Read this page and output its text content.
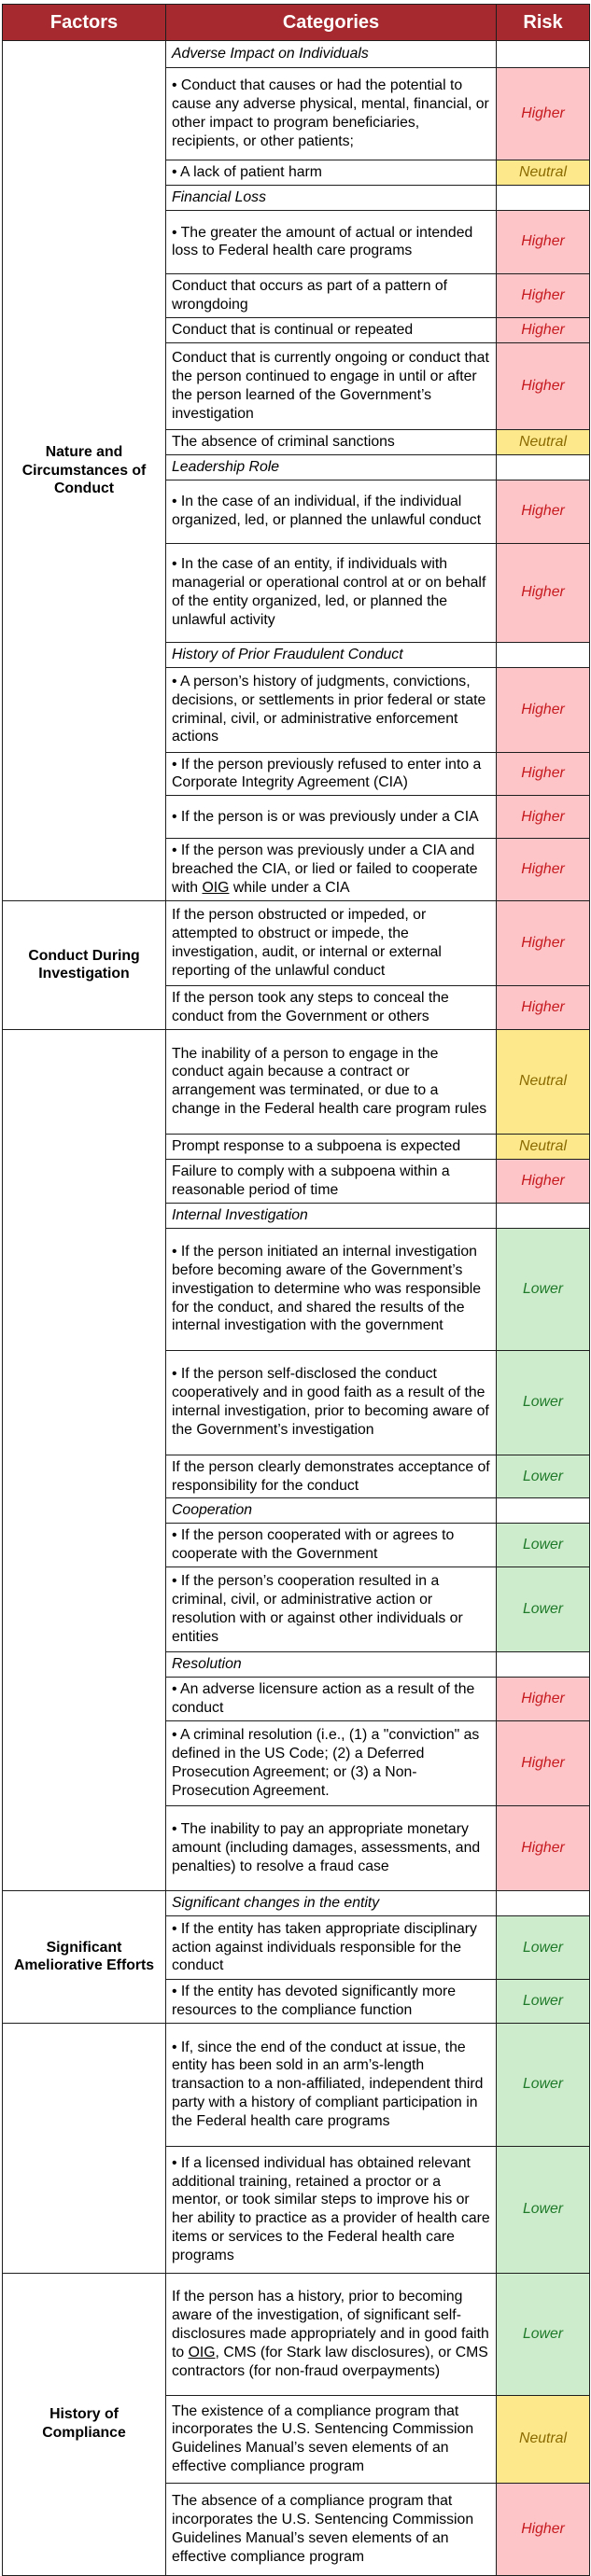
Factors	Categories	Risk
Nature and Circumstances of Conduct	Adverse Impact on Individuals	
	• Conduct that causes or had the potential to cause any adverse physical, mental, financial, or other impact to program beneficiaries, recipients, or other patients;	Higher
	• A lack of patient harm	Neutral
	Financial Loss	
	• The greater the amount of actual or intended loss to Federal health care programs	Higher
	Conduct that occurs as part of a pattern of wrongdoing	Higher
	Conduct that is continual or repeated	Higher
	Conduct that is currently ongoing or conduct that the person continued to engage in until or after the person learned of the Government’s investigation	Higher
	The absence of criminal sanctions	Neutral
	Leadership Role	
	• In the case of an individual, if the individual organized, led, or planned the unlawful conduct	Higher
	• In the case of an entity, if individuals with managerial or operational control at or on behalf of the entity organized, led, or planned the unlawful activity	Higher
	History of Prior Fraudulent Conduct	
	• A person’s history of judgments, convictions, decisions, or settlements in prior federal or state criminal, civil, or administrative enforcement actions	Higher
	• If the person previously refused to enter into a Corporate Integrity Agreement (CIA)	Higher
	• If the person is or was previously under a CIA	Higher
	• If the person was previously under a CIA and breached the CIA, or lied or failed to cooperate with OIG while under a CIA	Higher
Conduct During Investigation	If the person obstructed or impeded, or attempted to obstruct or impede, the investigation, audit, or internal or external reporting of the unlawful conduct	Higher
	If the person took any steps to conceal the conduct from the Government or others	Higher
	The inability of a person to engage in the conduct again because a contract or arrangement was terminated, or due to a change in the Federal health care program rules	Neutral
	Prompt response to a subpoena is expected	Neutral
	Failure to comply with a subpoena within a reasonable period of time	Higher
	Internal Investigation	
	• If the person initiated an internal investigation before becoming aware of the Government’s investigation to determine who was responsible for the conduct, and shared the results of the internal investigation with the government	Lower
	• If the person self-disclosed the conduct cooperatively and in good faith as a result of the internal investigation, prior to becoming aware of the Government’s investigation	Lower
	If the person clearly demonstrates acceptance of responsibility for the conduct	Lower
	Cooperation	
	• If the person cooperated with or agrees to cooperate with the Government	Lower
	• If the person’s cooperation resulted in a criminal, civil, or administrative action or resolution with or against other individuals or entities	Lower
	Resolution	
	• An adverse licensure action as a result of the conduct	Higher
	• A criminal resolution (i.e., (1) a "conviction" as defined in the US Code; (2) a Deferred Prosecution Agreement; or (3) a Non-Prosecution Agreement.	Higher
	• The inability to pay an appropriate monetary amount (including damages, assessments, and penalties) to resolve a fraud case	Higher
Significant Ameliorative Efforts	Significant changes in the entity	
	• If the entity has taken appropriate disciplinary action against individuals responsible for the conduct	Lower
	• If the entity has devoted significantly more resources to the compliance function	Lower
	• If, since the end of the conduct at issue, the entity has been sold in an arm’s-length transaction to a non-affiliated, independent third party with a history of compliant participation in the Federal health care programs	Lower
	• If a licensed individual has obtained relevant additional training, retained a proctor or a mentor, or took similar steps to improve his or her ability to practice as a provider of health care items or services to the Federal health care programs	Lower
History of Compliance	If the person has a history, prior to becoming aware of the investigation, of significant self-disclosures made appropriately and in good faith to OIG, CMS (for Stark law disclosures), or CMS contractors (for non-fraud overpayments)	Lower
	The existence of a compliance program that incorporates the U.S. Sentencing Commission Guidelines Manual’s seven elements of an effective compliance program	Neutral
	The absence of a compliance program that incorporates the U.S. Sentencing Commission Guidelines Manual’s seven elements of an effective compliance program	Higher
